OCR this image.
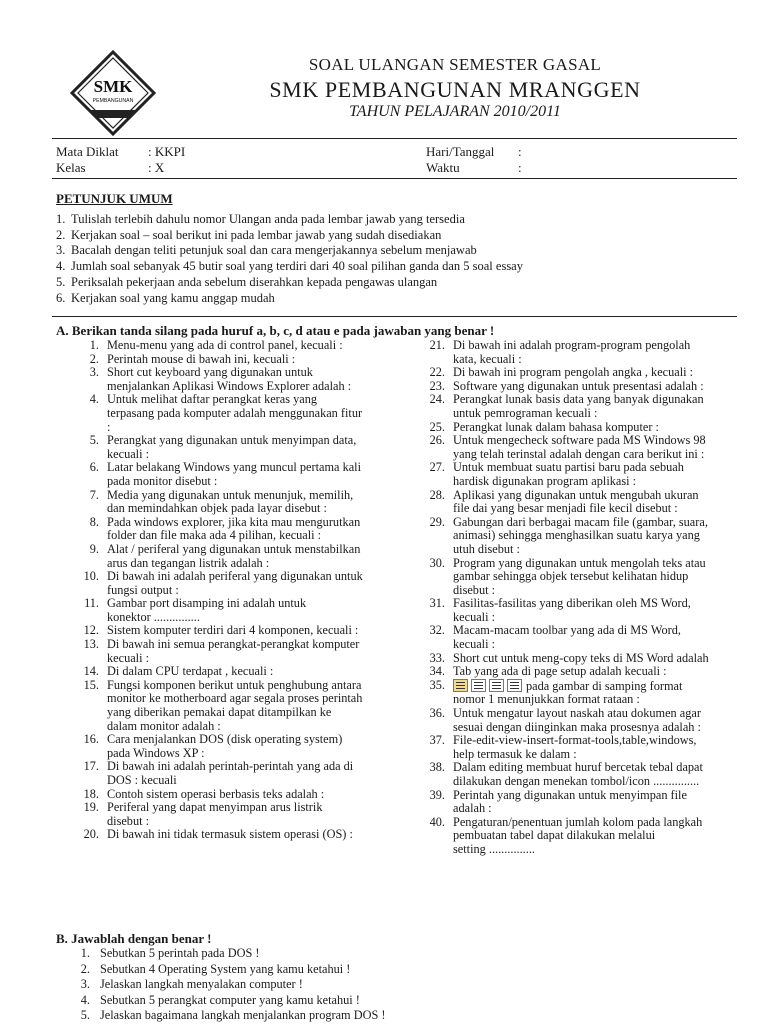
SMK
PEMBANGUNAN
SOAL ULANGAN SEMESTER GASAL
SMK PEMBANGUNAN MRANGGEN
TAHUN PELAJARAN 2010/2011
Mata Diklat : KKPI
Kelas	: X
Hari/Tanggal :
Waktu	:
PETUNJUK UMUM
1. Tulislah terlebih dahulu nomor Ulangan anda pada lembar jawab yang tersedia
2. Kerjakan soal – soal berikut ini pada lembar jawab yang sudah disediakan
3. Bacalah dengan teliti petunjuk soal dan cara mengerjakannya sebelum menjawab
4. Jumlah soal sebanyak 45 butir soal yang terdiri dari 40 soal pilihan ganda dan 5 soal essay
5. Periksalah pekerjaan anda sebelum diserahkan kepada pengawas ulangan
6. Kerjakan soal yang kamu anggap mudah
A. Berikan tanda silang pada huruf a, b, c, d atau e pada jawaban yang benar !
1. Menu-menu yang ada di control panel, kecuali :
2. Perintah mouse di bawah ini, kecuali :
3. Short cut keyboard yang digunakan untuk
menjalankan Aplikasi Windows Explorer adalah :
4. Untuk melihat daftar perangkat keras yang
terpasang pada komputer adalah menggunakan fitur
:
5. Perangkat yang digunakan untuk menyimpan data,
kecuali :
6. Latar belakang Windows yang muncul pertama kali
pada monitor disebut :
7. Media yang digunakan untuk menunjuk, memilih,
dan memindahkan objek pada layar disebut :
8. Pada windows explorer, jika kita mau mengurutkan
folder dan file maka ada 4 pilihan, kecuali :
9. Alat / periferal yang digunakan untuk menstabilkan
arus dan tegangan listrik adalah :
10. Di bawah ini adalah periferal yang digunakan untuk
fungsi output :
11. Gambar port disamping ini adalah untuk
konektor ...............
12. Sistem komputer terdiri dari 4 komponen, kecuali :
13. Di bawah ini semua perangkat-perangkat komputer
kecuali :
14. Di dalam CPU terdapat , kecuali :
15. Fungsi komponen berikut untuk penghubung antara
monitor ke motherboard agar segala proses perintah
yang diberikan pemakai dapat ditampilkan ke
dalam monitor adalah :
16. Cara menjalankan DOS (disk operating system)
pada Windows XP :
17. Di bawah ini adalah perintah-perintah yang ada di
DOS : kecuali
18. Contoh sistem operasi berbasis teks adalah :
19. Periferal yang dapat menyimpan arus listrik
disebut :
20. Di bawah ini tidak termasuk sistem operasi (OS) :
21. Di bawah ini adalah program-program pengolah
kata, kecuali :
22. Di bawah ini program pengolah angka , kecuali :
23. Software yang digunakan untuk presentasi adalah :
24. Perangkat lunak basis data yang banyak digunakan
untuk pemrograman kecuali :
25. Perangkat lunak dalam bahasa komputer :
26. Untuk mengecheck software pada MS Windows 98
yang telah terinstal adalah dengan cara berikut ini :
27. Untuk membuat suatu partisi baru pada sebuah
hardisk digunakan program aplikasi :
28. Aplikasi yang digunakan untuk mengubah ukuran
file dai yang besar menjadi file kecil disebut :
29. Gabungan dari berbagai macam file (gambar, suara,
animasi) sehingga menghasilkan suatu karya yang
utuh disebut :
30. Program yang digunakan untuk mengolah teks atau
gambar sehingga objek tersebut kelihatan hidup
disebut :
31. Fasilitas-fasilitas yang diberikan oleh MS Word,
kecuali :
32. Macam-macam toolbar yang ada di MS Word,
kecuali :
33. Short cut untuk meng-copy teks di MS Word adalah
34. Tab yang ada di page setup adalah kecuali :
35.	pada gambar di samping format
nomor 1 menunjukkan format rataan :
36. Untuk mengatur layout naskah atau dokumen agar
sesuai dengan diinginkan maka prosesnya adalah :
37. File-edit-view-insert-format-tools,table,windows,
help termasuk ke dalam :
38. Dalam editing membuat huruf bercetak tebal dapat
dilakukan dengan menekan tombol/icon ...............
39. Perintah yang digunakan untuk menyimpan file
adalah :
40. Pengaturan/penentuan jumlah kolom pada langkah
pembuatan tabel dapat dilakukan melalui
setting ...............
B. Jawablah dengan benar !
1. Sebutkan 5 perintah pada DOS !
2. Sebutkan 4 Operating System yang kamu ketahui !
3. Jelaskan langkah menyalakan computer !
4. Sebutkan 5 perangkat computer yang kamu ketahui !
5. Jelaskan bagaimana langkah menjalankan program DOS !
